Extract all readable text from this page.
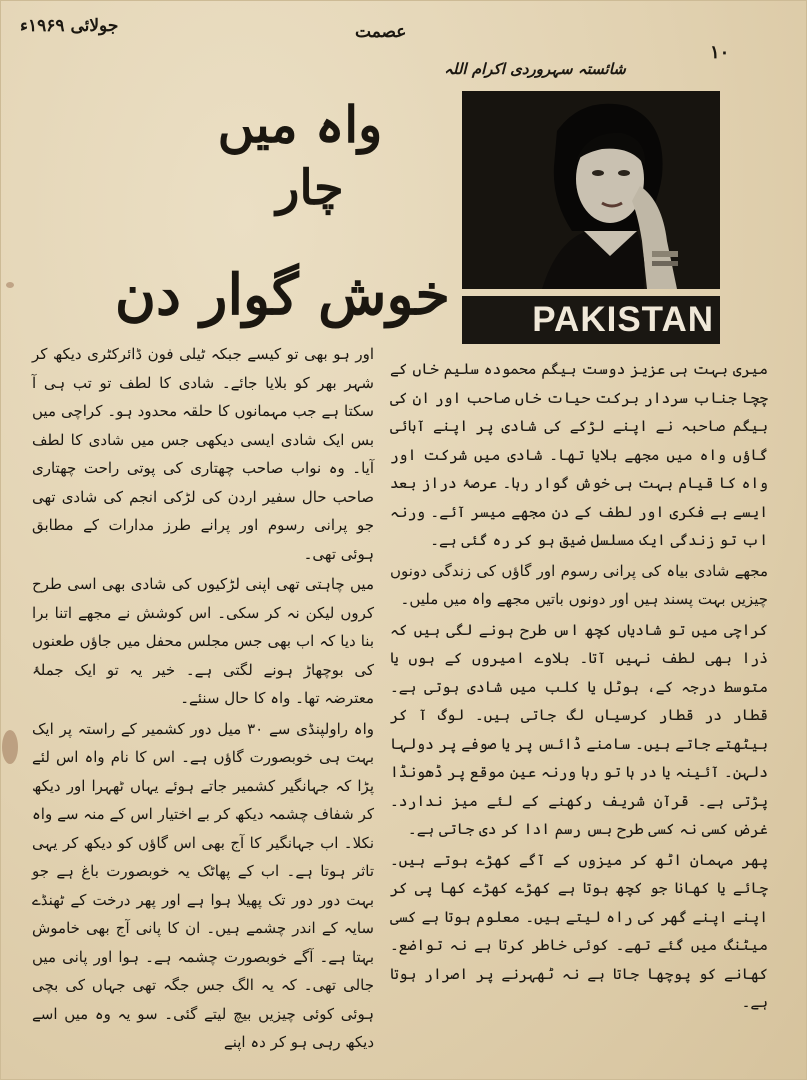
جولائی ۱۹۶۹ء	عصمت
۱۰
شائستہ سہروردی اکرام اللہ
واہ میں
چار
خوش گوار دن	PAKISTAN

میری بہت ہی عزیز دوست بیگم محمودہ سلیم خاں کے چچا جناب سردار برکت حیات خاں صاحب اور ان کی بیگم صاحبہ نے اپنے لڑکے کی شادی پر اپنے آبائی گاؤں واہ میں مجھے بلایا تھا۔ شادی میں شرکت اور واہ کا قیام بہت ہی خوش گوار رہا۔ عرصۂ دراز بعد ایسے بے فکری اور لطف کے دن مجھے میسر آئے۔ ورنہ اب تو زندگی ایک مسلسل ضیق ہو کر رہ گئی ہے۔

مجھے شادی بیاہ کی پرانی رسوم اور گاؤں کی زندگی دونوں چیزیں بہت پسند ہیں اور دونوں باتیں مجھے واہ میں ملیں۔

کراچی میں تو شادیاں کچھ اس طرح ہونے لگی ہیں کہ ذرا بھی لطف نہیں آتا۔ بلاوے امیروں کے ہوں یا متوسط درجہ کے، ہوٹل یا کلب میں شادی ہوتی ہے۔ قطار در قطار کرسیاں لگ جاتی ہیں۔ لوگ آ کر بیٹھتے جاتے ہیں۔ سامنے ڈائس پر یا صوفے پر دولہا دلہن۔ آئینہ یا در ہا تو رہا ورنہ عین موقع پر ڈھونڈا پڑتی ہے۔ قرآن شریف رکھنے کے لئے میز ندارد۔ غرض کسی نہ کسی طرح بس رسم ادا کر دی جاتی ہے۔

پھر مہمان اٹھ کر میزوں کے آگے کھڑے ہوتے ہیں۔ چائے یا کھانا جو کچھ ہوتا ہے کھڑے کھڑے کھا پی کر اپنے اپنے گھر کی راہ لیتے ہیں۔ معلوم ہوتا ہے کسی میٹنگ میں گئے تھے۔ کوئی خاطر کرتا ہے نہ تواضع۔ کھانے کو پوچھا جاتا ہے نہ ٹھہرنے پر اصرار ہوتا ہے۔

اور ہو بھی تو کیسے جبکہ ٹیلی فون ڈائرکٹری دیکھ کر شہر بھر کو بلایا جائے۔ شادی کا لطف تو تب ہی آ سکتا ہے جب مہمانوں کا حلقہ محدود ہو۔ کراچی میں بس ایک شادی ایسی دیکھی جس میں شادی کا لطف آیا۔ وہ نواب صاحب چھتاری کی پوتی راحت چھتاری صاحب حال سفیر اردن کی لڑکی انجم کی شادی تھی جو پرانی رسوم اور پرانے طرز مدارات کے مطابق ہوئی تھی۔

میں چاہتی تھی اپنی لڑکیوں کی شادی بھی اسی طرح کروں لیکن نہ کر سکی۔ اس کوشش نے مجھے اتنا برا بنا دیا کہ اب بھی جس مجلس محفل میں جاؤں طعنوں کی بوچھاڑ ہونے لگتی ہے۔ خیر یہ تو ایک جملۂ معترضہ تھا۔ واہ کا حال سنئے۔

واہ راولپنڈی سے ۳۰ میل دور کشمیر کے راستہ پر ایک بہت ہی خوبصورت گاؤں ہے۔ اس کا نام واہ اس لئے پڑا کہ جہانگیر کشمیر جاتے ہوئے یہاں ٹھہرا اور دیکھ کر شفاف چشمہ دیکھ کر بے اختیار اس کے منہ سے واہ نکلا۔ اب جہانگیر کا آج بھی اس گاؤں کو دیکھ کر یہی تاثر ہوتا ہے۔ اب کے پھاٹک یہ خوبصورت باغ ہے جو بہت دور دور تک پھیلا ہوا ہے اور پھر درخت کے ٹھنڈے سایہ کے اندر چشمے ہیں۔ ان کا پانی آج بھی خاموش بہتا ہے۔ آگے خوبصورت چشمہ ہے۔ ہوا اور پانی میں جالی تھی۔ کہ یہ الگ جس جگہ تھی جہاں کی بچی ہوئی کوئی چیزیں بیچ لیتے گئی۔ سو یہ وہ میں اسے دیکھ رہی ہو کر دہ اپنے
